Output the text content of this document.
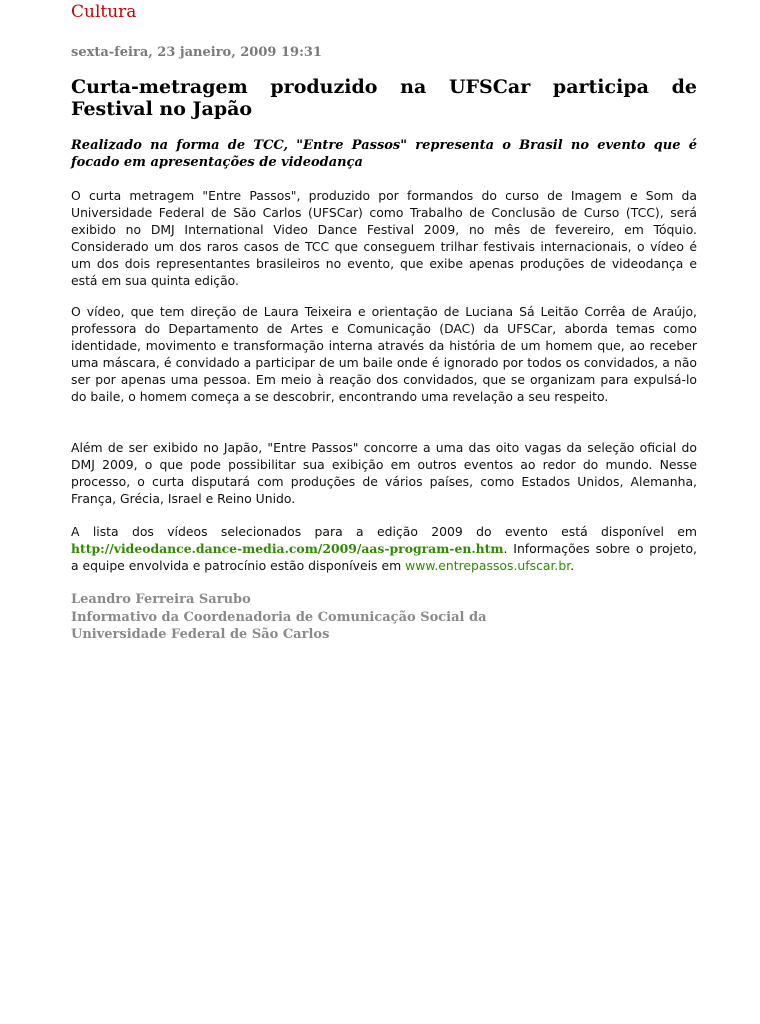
Cultura
sexta-feira, 23 janeiro, 2009 19:31
Curta-metragem produzido na UFSCar participa de Festival no Japão

Realizado na forma de TCC, "Entre Passos" representa o Brasil no evento que é focado em apresentações de videodança

O curta metragem "Entre Passos", produzido por formandos do curso de Imagem e Som da Universidade Federal de São Carlos (UFSCar) como Trabalho de Conclusão de Curso (TCC), será exibido no DMJ International Video Dance Festival 2009, no mês de fevereiro, em Tóquio. Considerado um dos raros casos de TCC que conseguem trilhar festivais internacionais, o vídeo é um dos dois representantes brasileiros no evento, que exibe apenas produções de videodança e está em sua quinta edição.

O vídeo, que tem direção de Laura Teixeira e orientação de Luciana Sá Leitão Corrêa de Araújo, professora do Departamento de Artes e Comunicação (DAC) da UFSCar, aborda temas como identidade, movimento e transformação interna através da história de um homem que, ao receber uma máscara, é convidado a participar de um baile onde é ignorado por todos os convidados, a não ser por apenas uma pessoa. Em meio à reação dos convidados, que se organizam para expulsá-lo do baile, o homem começa a se descobrir, encontrando uma revelação a seu respeito.

Além de ser exibido no Japão, "Entre Passos" concorre a uma das oito vagas da seleção oficial do DMJ 2009, o que pode possibilitar sua exibição em outros eventos ao redor do mundo. Nesse processo, o curta disputará com produções de vários países, como Estados Unidos, Alemanha, França, Grécia, Israel e Reino Unido.

A lista dos vídeos selecionados para a edição 2009 do evento está disponível em http://videodance.dance-media.com/2009/aas-program-en.htm. Informações sobre o projeto, a equipe envolvida e patrocínio estão disponíveis em www.entrepassos.ufscar.br.

Leandro Ferreira Sarubo
Informativo da Coordenadoria de Comunicação Social da
Universidade Federal de São Carlos
